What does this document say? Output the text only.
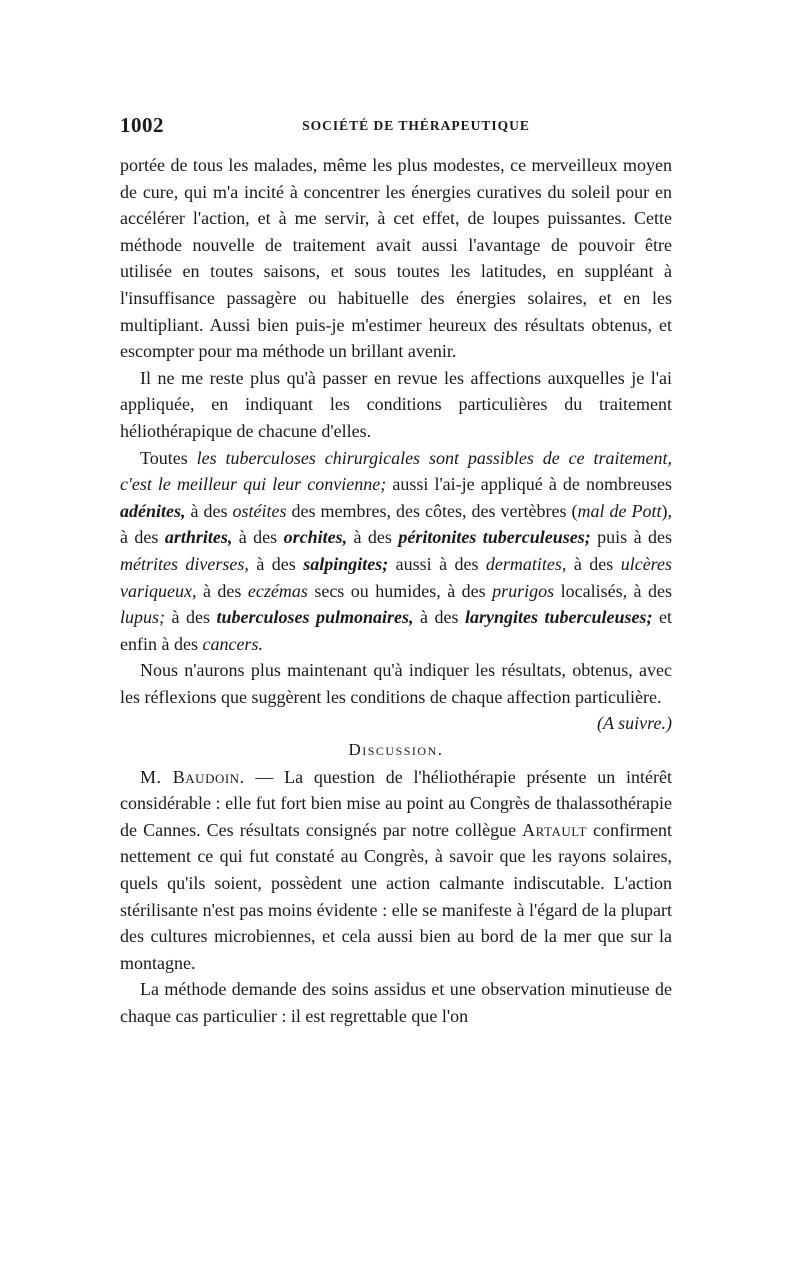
1002	SOCIÉTÉ DE THÉRAPEUTIQUE

portée de tous les malades, même les plus modestes, ce merveilleux moyen de cure, qui m'a incité à concentrer les énergies curatives du soleil pour en accélérer l'action, et à me servir, à cet effet, de loupes puissantes. Cette méthode nouvelle de traitement avait aussi l'avantage de pouvoir être utilisée en toutes saisons, et sous toutes les latitudes, en suppléant à l'insuffisance passagère ou habituelle des énergies solaires, et en les multipliant. Aussi bien puis-je m'estimer heureux des résultats obtenus, et escompter pour ma méthode un brillant avenir.

Il ne me reste plus qu'à passer en revue les affections auxquelles je l'ai appliquée, en indiquant les conditions particulières du traitement héliothérapique de chacune d'elles.

Toutes les tuberculoses chirurgicales sont passibles de ce traitement, c'est le meilleur qui leur convienne; aussi l'ai-je appliqué à de nombreuses adénites, à des ostéites des membres, des côtes, des vertèbres (mal de Pott), à des arthrites, à des orchites, à des péritonites tuberculeuses; puis à des métrites diverses, à des salpingites; aussi à des dermatites, à des ulcères variqueux, à des eczémas secs ou humides, à des prurigos localisés, à des lupus; à des tuberculoses pulmonaires, à des laryngites tuberculeuses; et enfin à des cancers.

Nous n'aurons plus maintenant qu'à indiquer les résultats, obtenus, avec les réflexions que suggèrent les conditions de chaque affection particulière.

(A suivre.)

Discussion.

M. Baudoin. — La question de l'héliothérapie présente un intérêt considérable : elle fut fort bien mise au point au Congrès de thalassothérapie de Cannes. Ces résultats consignés par notre collègue Artault confirment nettement ce qui fut constaté au Congrès, à savoir que les rayons solaires, quels qu'ils soient, possèdent une action calmante indiscutable. L'action stérilisante n'est pas moins évidente : elle se manifeste à l'égard de la plupart des cultures microbiennes, et cela aussi bien au bord de la mer que sur la montagne.

La méthode demande des soins assidus et une observation minutieuse de chaque cas particulier : il est regrettable que l'on
